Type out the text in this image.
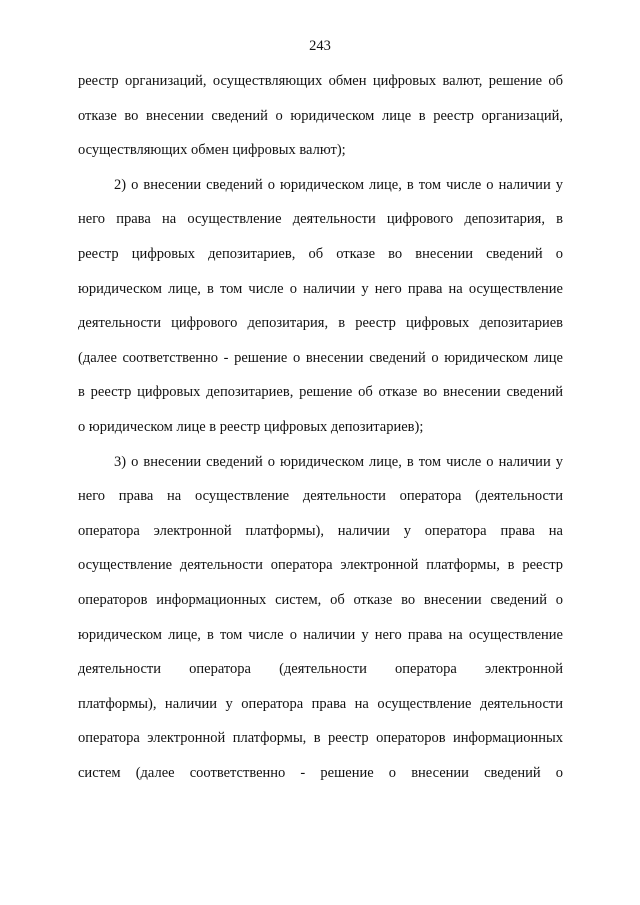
243
реестр организаций, осуществляющих обмен цифровых валют, решение об
отказе во внесении сведений о юридическом лице в реестр организаций,
осуществляющих обмен цифровых валют);
2) о внесении сведений о юридическом лице, в том числе о наличии у
него права на осуществление деятельности цифрового депозитария, в
реестр цифровых депозитариев, об отказе во внесении сведений о
юридическом лице, в том числе о наличии у него права на осуществление
деятельности цифрового депозитария, в реестр цифровых депозитариев
(далее соответственно - решение о внесении сведений о юридическом лице
в реестр цифровых депозитариев, решение об отказе во внесении сведений
о юридическом лице в реестр цифровых депозитариев);
3) о внесении сведений о юридическом лице, в том числе о наличии у
него права на осуществление деятельности оператора (деятельности
оператора электронной платформы), наличии у оператора права на
осуществление деятельности оператора электронной платформы, в реестр
операторов информационных систем, об отказе во внесении сведений о
юридическом лице, в том числе о наличии у него права на осуществление
деятельности оператора (деятельности оператора электронной
платформы), наличии у оператора права на осуществление деятельности
оператора электронной платформы, в реестр операторов информационных
систем (далее соответственно - решение о внесении сведений о
